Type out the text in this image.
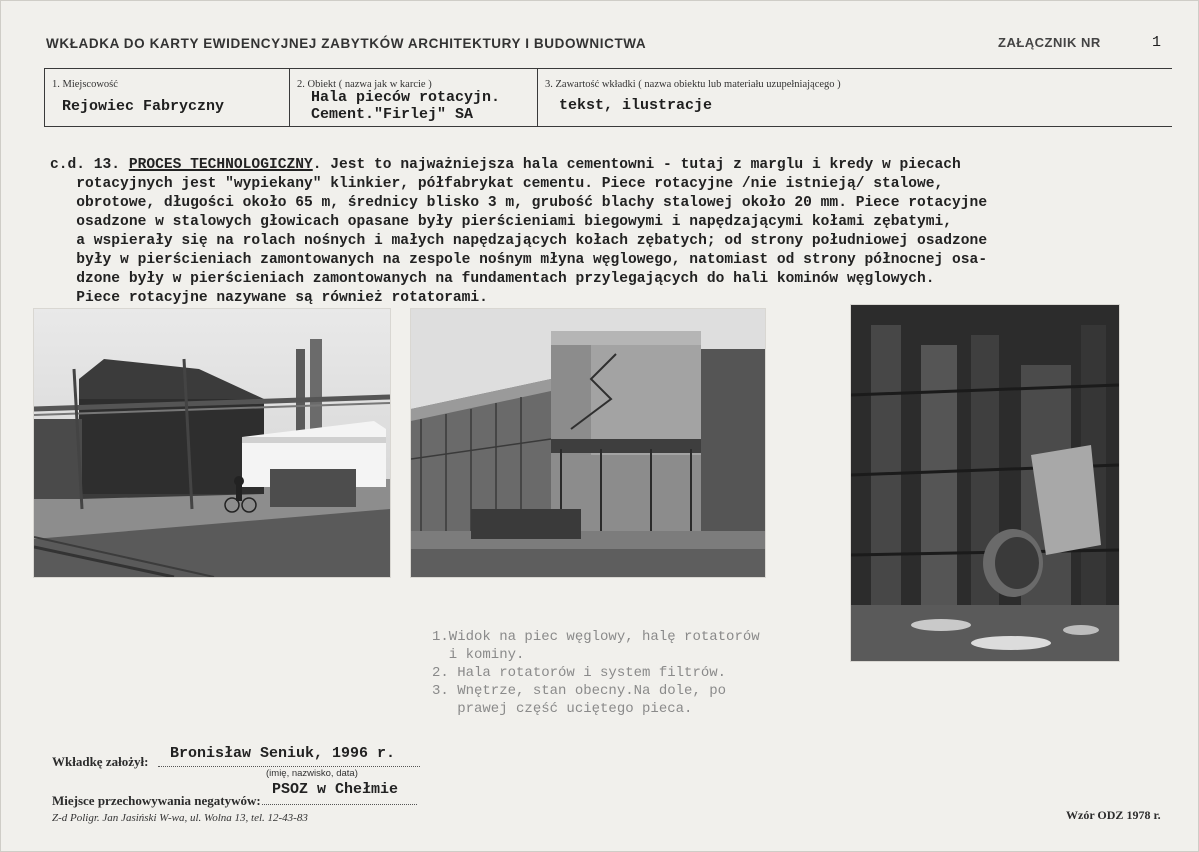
WKŁADKA DO KARTY EWIDENCYJNEJ ZABYTKÓW ARCHITEKTURY I BUDOWNICTWA	ZAŁĄCZNIK NR	1
1. Miejscowość
Rejowiec Fabryczny
2. Obiekt ( nazwa jak w karcie )
Hala pieców rotacyjn.
Cement."Firlej" SA
3. Zawartość wkładki ( nazwa obiektu lub materiału uzupełniającego )
tekst, ilustracje
c.d. 13. PROCES TECHNOLOGICZNY. Jest to najważniejsza hala cementowni - tutaj z marglu i kredy w piecach
rotacyjnych jest "wypiekany" klinkier, półfabrykat cementu. Piece rotacyjne /nie istnieją/ stalowe,
obrotowe, długości około 65 m, średnicy blisko 3 m, grubość blachy stalowej około 20 mm. Piece rotacyjne
osadzone w stalowych głowicach opasane były pierścieniami biegowymi i napędzającymi kołami zębatymi,
a wspierały się na rolach nośnych i małych napędzających kołach zębatych; od strony południowej osadzone
były w pierścieniach zamontowanych na zespole nośnym młyna węglowego, natomiast od strony północnej osa-
dzone były w pierścieniach zamontowanych na fundamentach przylegających do hali kominów węglowych.
Piece rotacyjne nazywane są również rotatorami.
1.Widok na piec węglowy, halę rotatorów
i kominy.
2. Hala rotatorów i system filtrów.
3. Wnętrze, stan obecny.Na dole, po
prawej część uciętego pieca.
Wkładkę założył: Bronisław Seniuk, 1996 r.
(imię, nazwisko, data)
Miejsce przechowywania negatywów:
PSOZ w Chełmie
Z-d Poligr. Jan Jasiński W-wa, ul. Wolna 13, tel. 12-43-83	Wzór ODZ 1978 r.
